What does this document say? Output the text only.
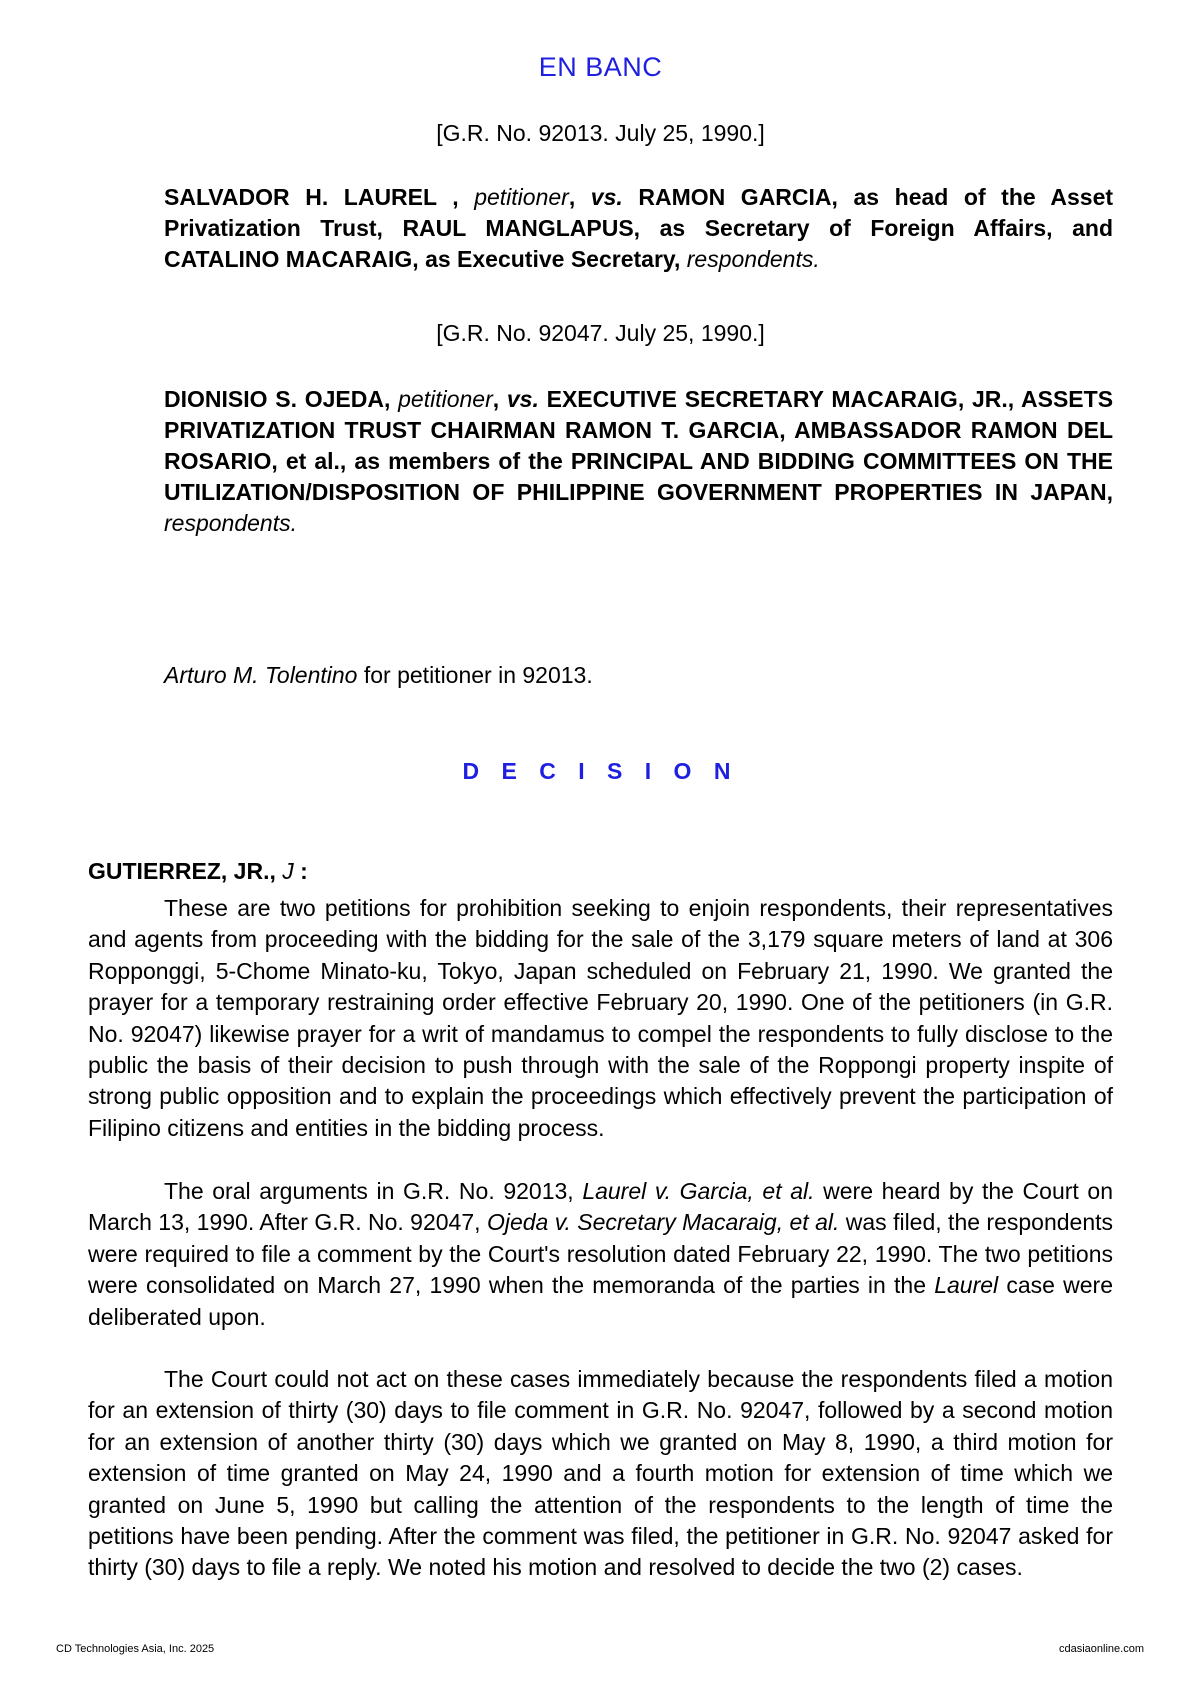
EN BANC
[G.R. No. 92013. July 25, 1990.]
SALVADOR H. LAUREL , petitioner, vs. RAMON GARCIA, as head of the Asset Privatization Trust, RAUL MANGLAPUS, as Secretary of Foreign Affairs, and CATALINO MACARAIG, as Executive Secretary, respondents.
[G.R. No. 92047. July 25, 1990.]
DIONISIO S. OJEDA, petitioner, vs. EXECUTIVE SECRETARY MACARAIG, JR., ASSETS PRIVATIZATION TRUST CHAIRMAN RAMON T. GARCIA, AMBASSADOR RAMON DEL ROSARIO, et al., as members of the PRINCIPAL AND BIDDING COMMITTEES ON THE UTILIZATION/DISPOSITION OF PHILIPPINE GOVERNMENT PROPERTIES IN JAPAN, respondents.
Arturo M. Tolentino for petitioner in 92013.
D E C I S I O N
GUTIERREZ, JR., J :

These are two petitions for prohibition seeking to enjoin respondents, their representatives and agents from proceeding with the bidding for the sale of the 3,179 square meters of land at 306 Ropponggi, 5-Chome Minato-ku, Tokyo, Japan scheduled on February 21, 1990. We granted the prayer for a temporary restraining order effective February 20, 1990. One of the petitioners (in G.R. No. 92047) likewise prayer for a writ of mandamus to compel the respondents to fully disclose to the public the basis of their decision to push through with the sale of the Roppongi property inspite of strong public opposition and to explain the proceedings which effectively prevent the participation of Filipino citizens and entities in the bidding process.

The oral arguments in G.R. No. 92013, Laurel v. Garcia, et al. were heard by the Court on March 13, 1990. After G.R. No. 92047, Ojeda v. Secretary Macaraig, et al. was filed, the respondents were required to file a comment by the Court's resolution dated February 22, 1990. The two petitions were consolidated on March 27, 1990 when the memoranda of the parties in the Laurel case were deliberated upon.

The Court could not act on these cases immediately because the respondents filed a motion for an extension of thirty (30) days to file comment in G.R. No. 92047, followed by a second motion for an extension of another thirty (30) days which we granted on May 8, 1990, a third motion for extension of time granted on May 24, 1990 and a fourth motion for extension of time which we granted on June 5, 1990 but calling the attention of the respondents to the length of time the petitions have been pending. After the comment was filed, the petitioner in G.R. No. 92047 asked for thirty (30) days to file a reply. We noted his motion and resolved to decide the two (2) cases.

CD Technologies Asia, Inc. 2025	cdasiaonline.com
